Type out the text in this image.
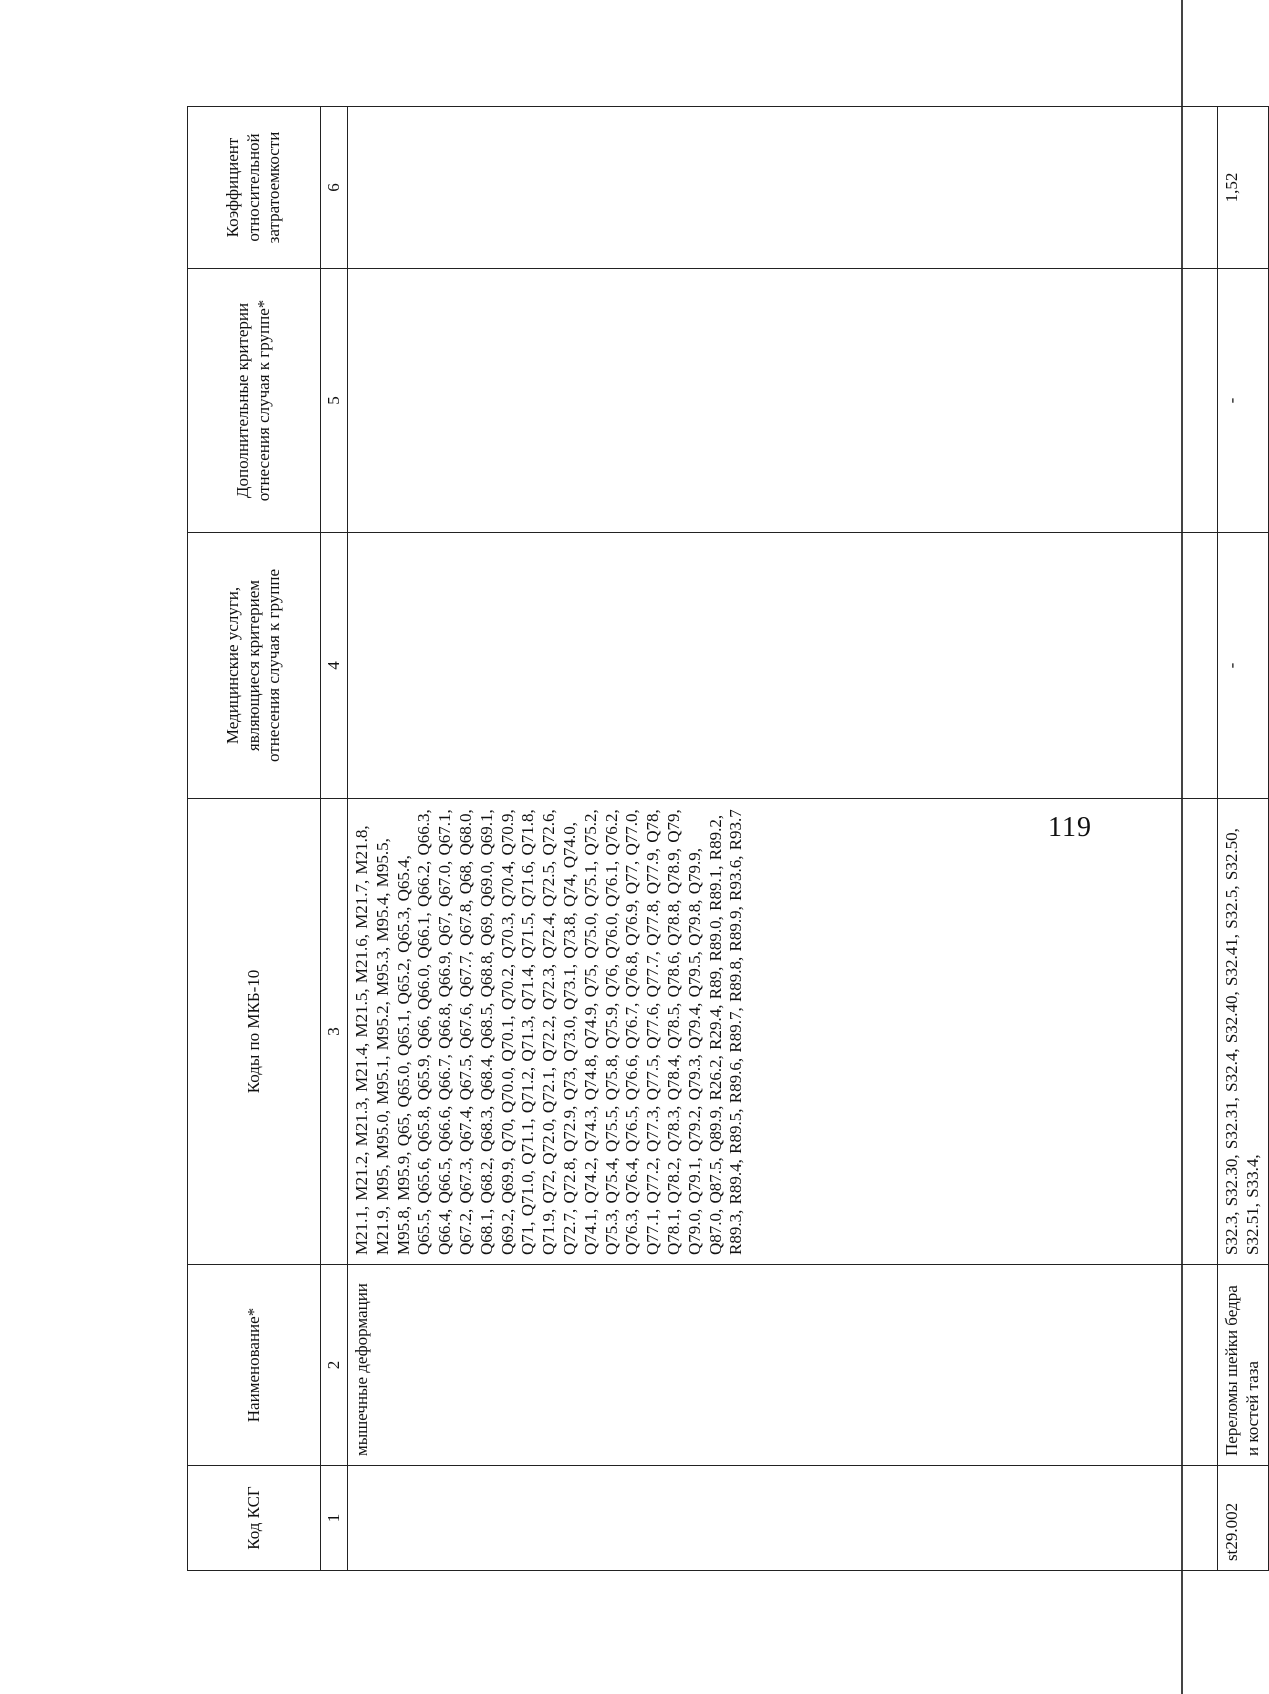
119
Код КСГ	Наименование*	Коды по МКБ-10	Медицинские услуги, являющиеся критерием отнесения случая к группе	Дополнительные критерии отнесения случая к группе*	Коэффициент относительной затратоемкости
1	2	3	4	5	6
	мышечные деформации	M21.1, M21.2, M21.3, M21.4, M21.5, M21.6, M21.7, M21.8, M21.9, M95, M95.0, M95.1, M95.2, M95.3, M95.4, M95.5, M95.8, M95.9, Q65, Q65.0, Q65.1, Q65.2, Q65.3, Q65.4, Q65.5, Q65.6, Q65.8, Q65.9, Q66, Q66.0, Q66.1, Q66.2, Q66.3, Q66.4, Q66.5, Q66.6, Q66.7, Q66.8, Q66.9, Q67, Q67.0, Q67.1, Q67.2, Q67.3, Q67.4, Q67.5, Q67.6, Q67.7, Q67.8, Q68, Q68.0, Q68.1, Q68.2, Q68.3, Q68.4, Q68.5, Q68.8, Q69, Q69.0, Q69.1, Q69.2, Q69.9, Q70, Q70.0, Q70.1, Q70.2, Q70.3, Q70.4, Q70.9, Q71, Q71.0, Q71.1, Q71.2, Q71.3, Q71.4, Q71.5, Q71.6, Q71.8, Q71.9, Q72, Q72.0, Q72.1, Q72.2, Q72.3, Q72.4, Q72.5, Q72.6, Q72.7, Q72.8, Q72.9, Q73, Q73.0, Q73.1, Q73.8, Q74, Q74.0, Q74.1, Q74.2, Q74.3, Q74.8, Q74.9, Q75, Q75.0, Q75.1, Q75.2, Q75.3, Q75.4, Q75.5, Q75.8, Q75.9, Q76, Q76.0, Q76.1, Q76.2, Q76.3, Q76.4, Q76.5, Q76.6, Q76.7, Q76.8, Q76.9, Q77, Q77.0, Q77.1, Q77.2, Q77.3, Q77.5, Q77.6, Q77.7, Q77.8, Q77.9, Q78, Q78.1, Q78.2, Q78.3, Q78.4, Q78.5, Q78.6, Q78.8, Q78.9, Q79, Q79.0, Q79.1, Q79.2, Q79.3, Q79.4, Q79.5, Q79.8, Q79.9, Q87.0, Q87.5, Q89.9, R26.2, R29.4, R89, R89.0, R89.1, R89.2, R89.3, R89.4, R89.5, R89.6, R89.7, R89.8, R89.9, R93.6, R93.7			
st29.002	Переломы шейки бедра и костей таза	S32.3, S32.30, S32.31, S32.4, S32.40, S32.41, S32.5, S32.50, S32.51, S33.4,	-	-	1,52
